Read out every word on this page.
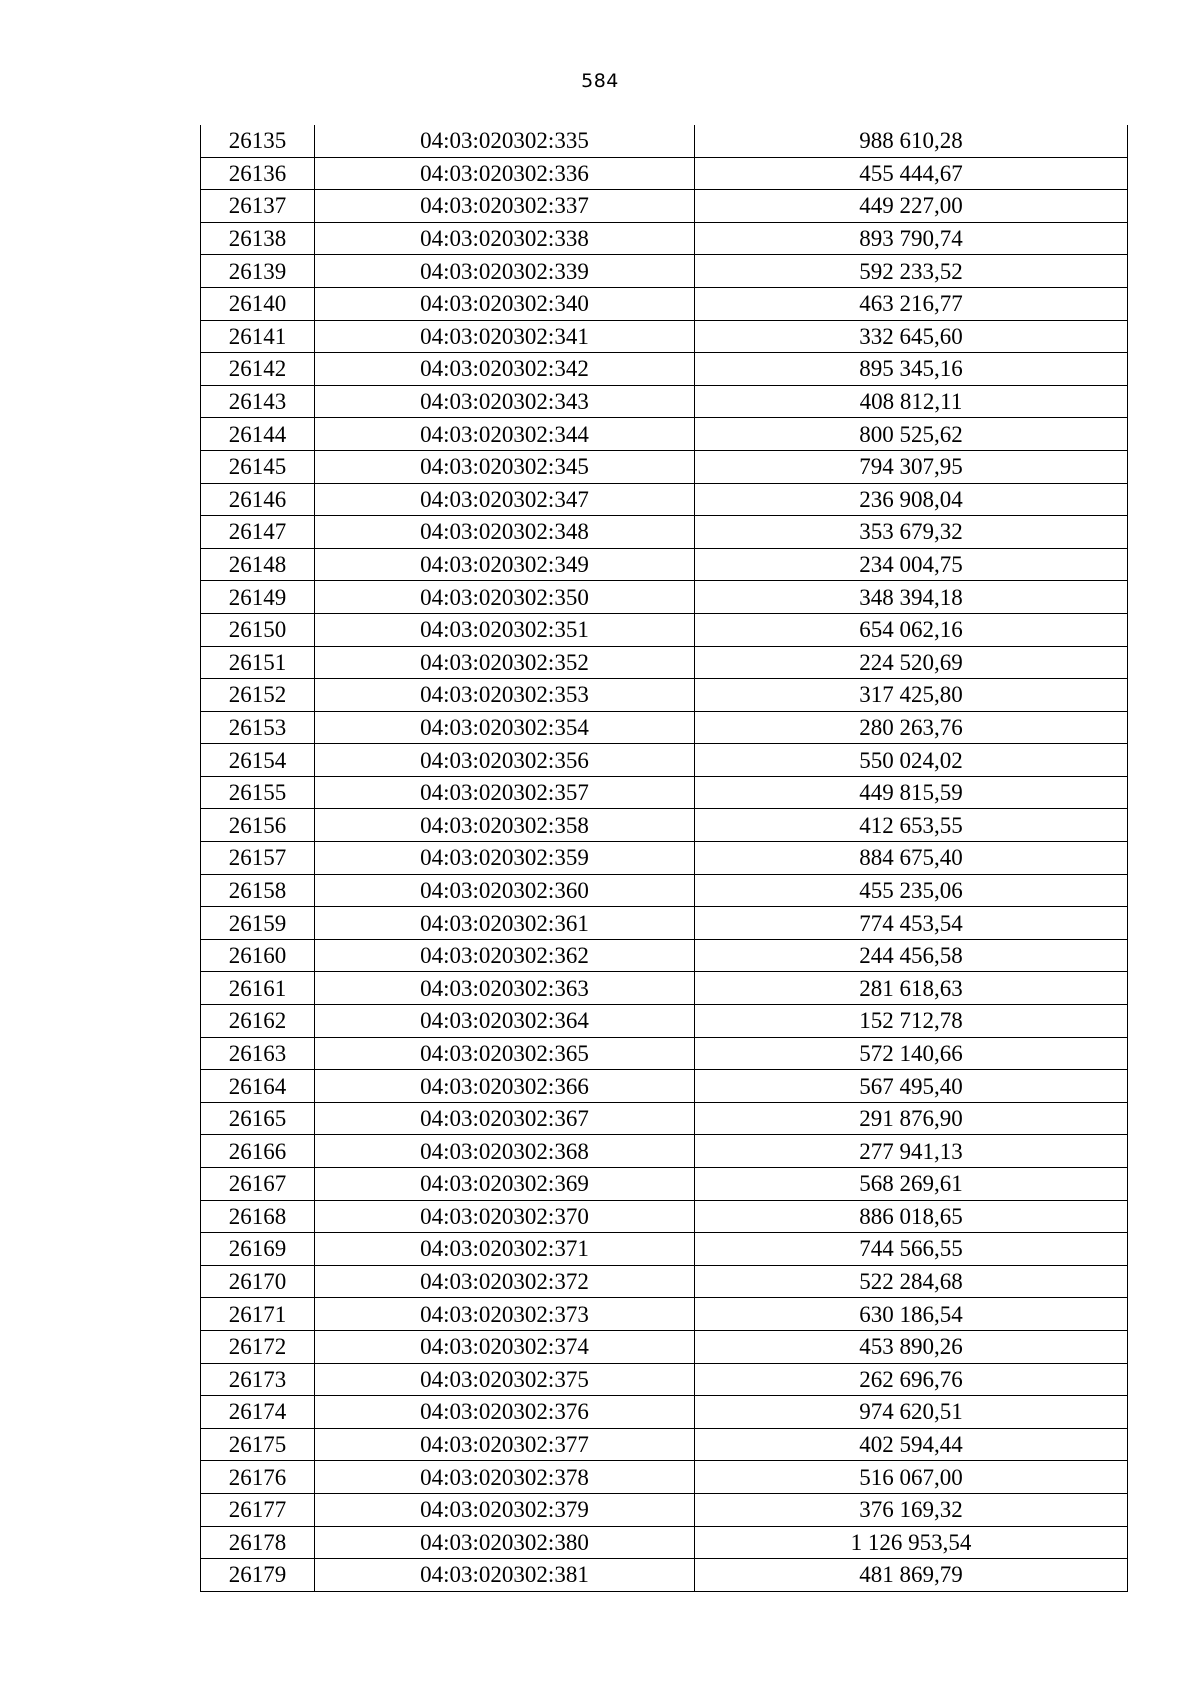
584
26135	04:03:020302:335	988 610,28
26136	04:03:020302:336	455 444,67
26137	04:03:020302:337	449 227,00
26138	04:03:020302:338	893 790,74
26139	04:03:020302:339	592 233,52
26140	04:03:020302:340	463 216,77
26141	04:03:020302:341	332 645,60
26142	04:03:020302:342	895 345,16
26143	04:03:020302:343	408 812,11
26144	04:03:020302:344	800 525,62
26145	04:03:020302:345	794 307,95
26146	04:03:020302:347	236 908,04
26147	04:03:020302:348	353 679,32
26148	04:03:020302:349	234 004,75
26149	04:03:020302:350	348 394,18
26150	04:03:020302:351	654 062,16
26151	04:03:020302:352	224 520,69
26152	04:03:020302:353	317 425,80
26153	04:03:020302:354	280 263,76
26154	04:03:020302:356	550 024,02
26155	04:03:020302:357	449 815,59
26156	04:03:020302:358	412 653,55
26157	04:03:020302:359	884 675,40
26158	04:03:020302:360	455 235,06
26159	04:03:020302:361	774 453,54
26160	04:03:020302:362	244 456,58
26161	04:03:020302:363	281 618,63
26162	04:03:020302:364	152 712,78
26163	04:03:020302:365	572 140,66
26164	04:03:020302:366	567 495,40
26165	04:03:020302:367	291 876,90
26166	04:03:020302:368	277 941,13
26167	04:03:020302:369	568 269,61
26168	04:03:020302:370	886 018,65
26169	04:03:020302:371	744 566,55
26170	04:03:020302:372	522 284,68
26171	04:03:020302:373	630 186,54
26172	04:03:020302:374	453 890,26
26173	04:03:020302:375	262 696,76
26174	04:03:020302:376	974 620,51
26175	04:03:020302:377	402 594,44
26176	04:03:020302:378	516 067,00
26177	04:03:020302:379	376 169,32
26178	04:03:020302:380	1 126 953,54
26179	04:03:020302:381	481 869,79
